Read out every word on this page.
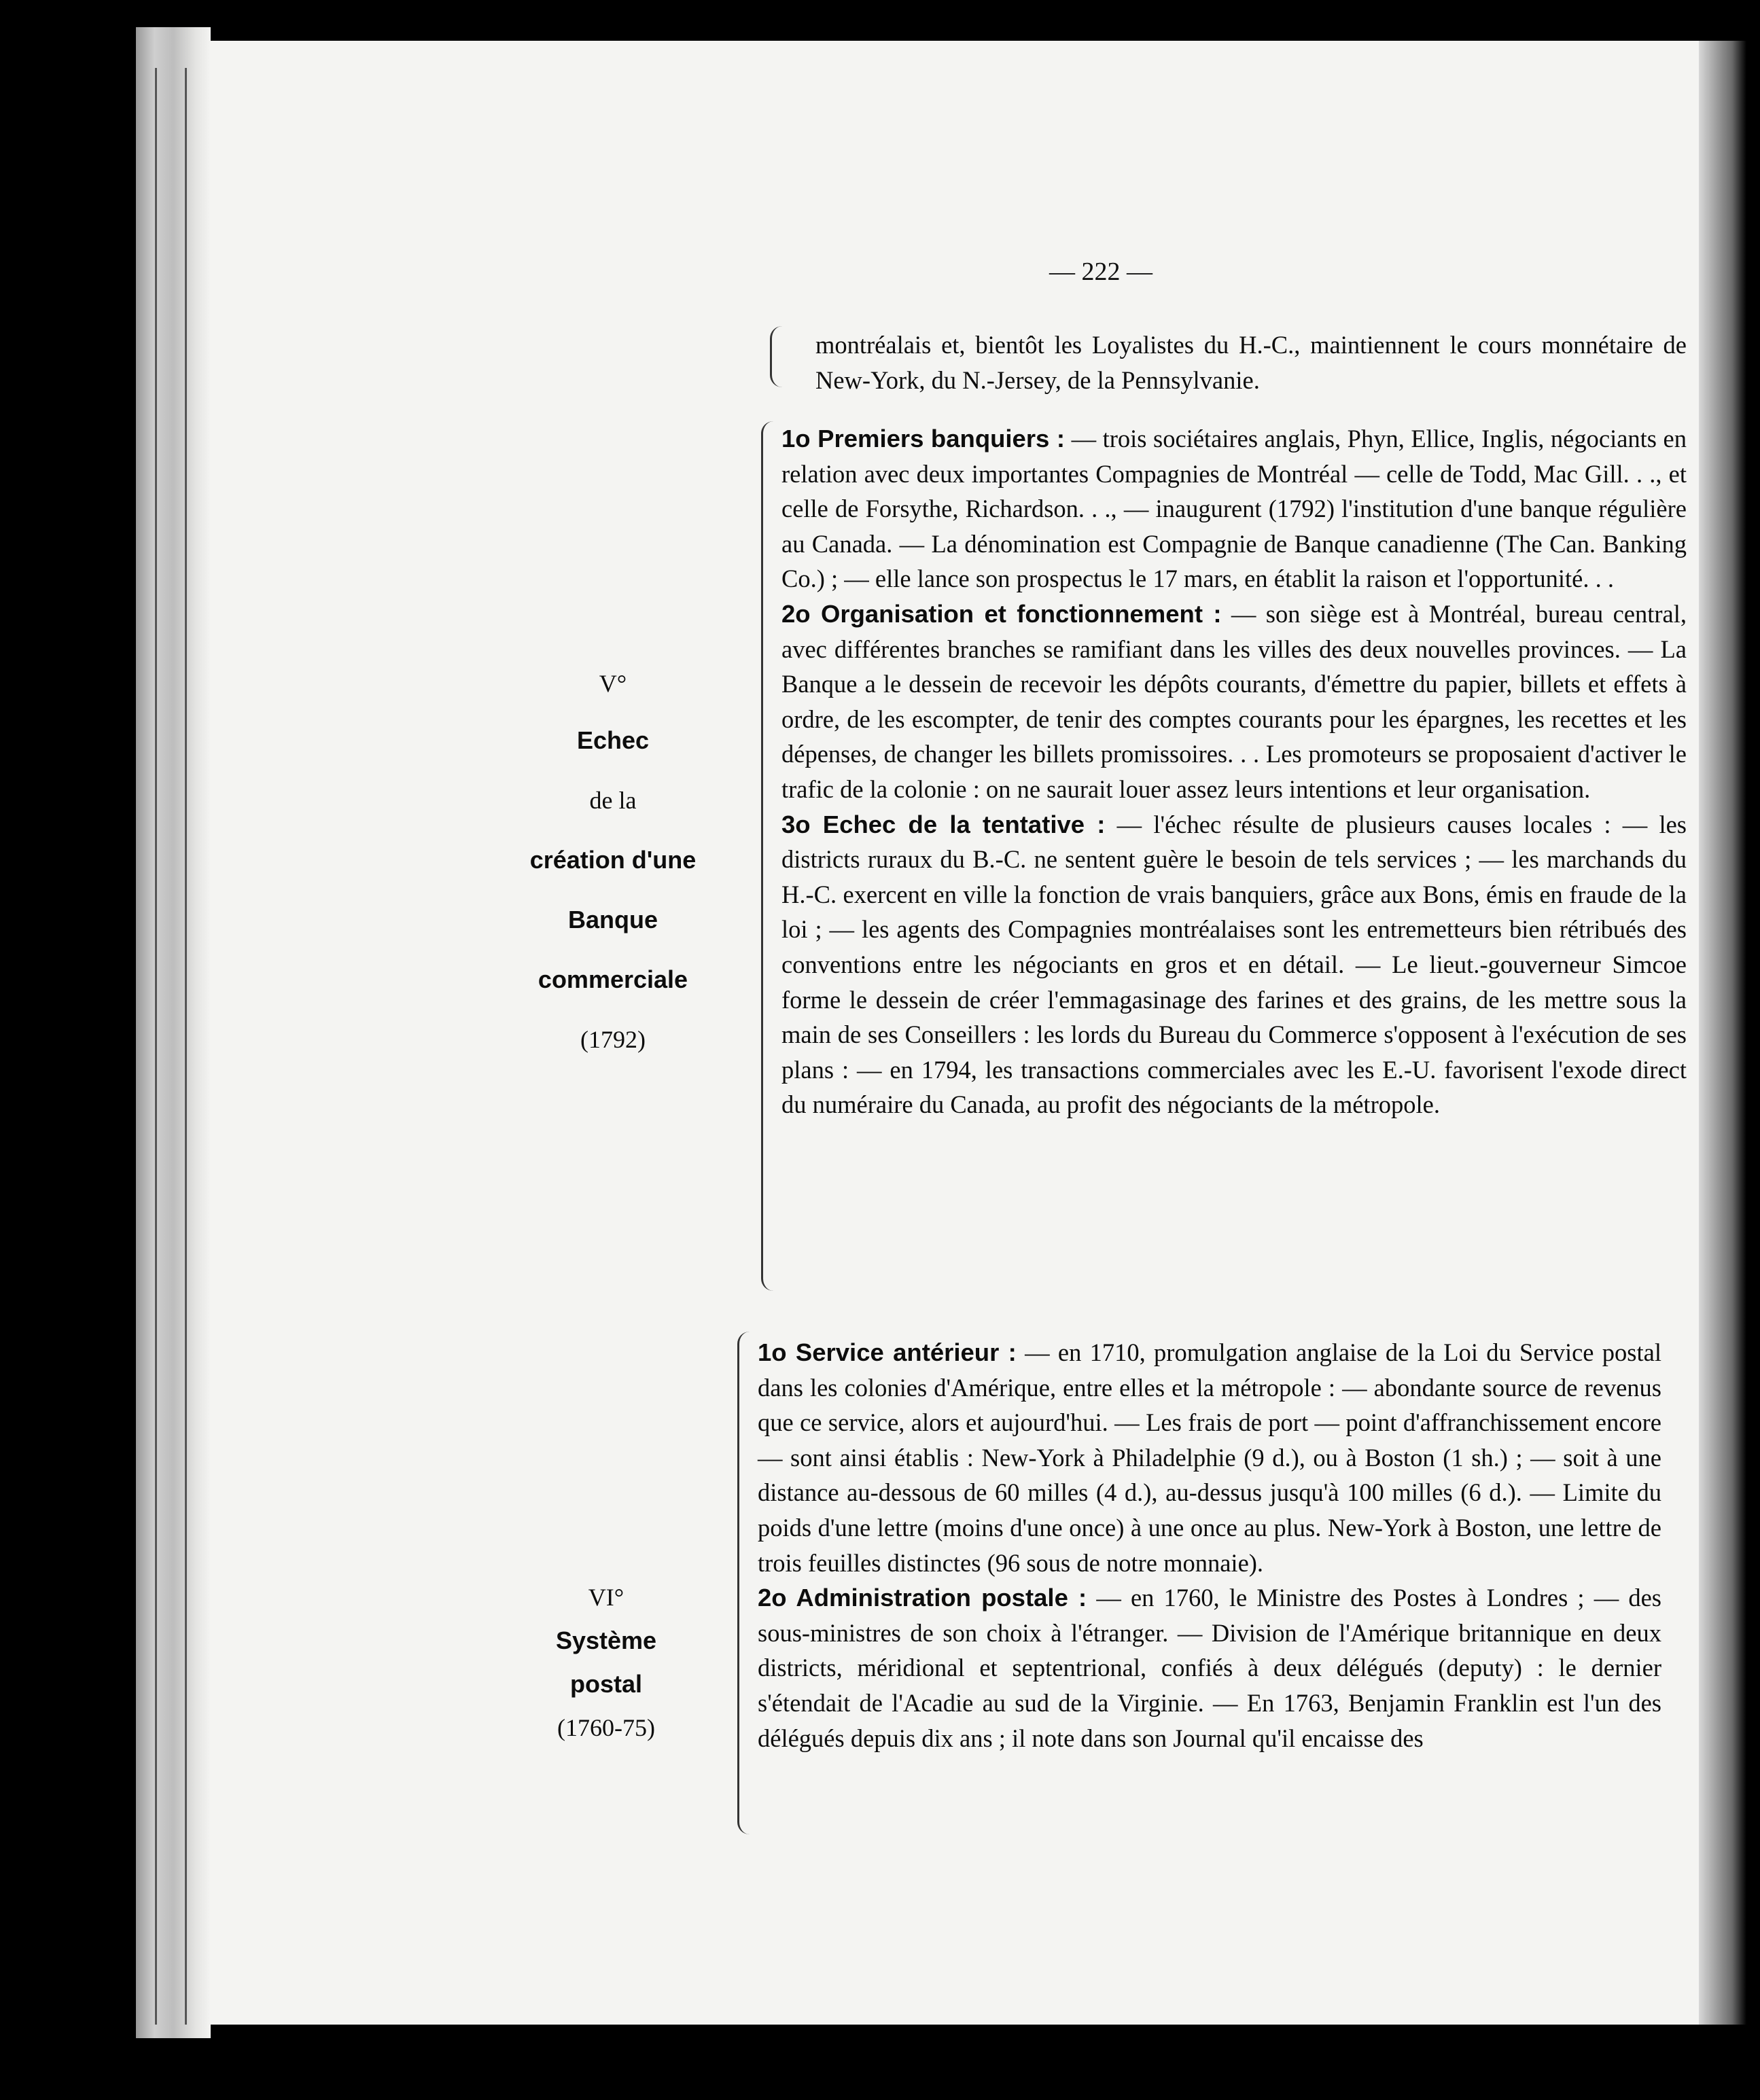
— 222 —

montréalais et, bientôt les Loyalistes du H.-C., maintiennent le cours monnétaire de New-York, du N.-Jersey, de la Pennsylvanie.

V°
Echec
de la
création d'une
Banque
commerciale
(1792)

1o Premiers banquiers : — trois sociétaires anglais, Phyn, Ellice, Inglis, négociants en relation avec deux importantes Compagnies de Montréal — celle de Todd, Mac Gill. . ., et celle de Forsythe, Richardson. . ., — inaugurent (1792) l'institution d'une banque régulière au Canada. — La dénomination est Compagnie de Banque canadienne (The Can. Banking Co.) ; — elle lance son prospectus le 17 mars, en établit la raison et l'opportunité. . .

2o Organisation et fonctionnement : — son siège est à Montréal, bureau central, avec différentes branches se ramifiant dans les villes des deux nouvelles provinces. — La Banque a le dessein de recevoir les dépôts courants, d'émettre du papier, billets et effets à ordre, de les escompter, de tenir des comptes courants pour les épargnes, les recettes et les dépenses, de changer les billets promissoires. . . Les promoteurs se proposaient d'activer le trafic de la colonie : on ne saurait louer assez leurs intentions et leur organisation.

3o Echec de la tentative : — l'échec résulte de plusieurs causes locales : — les districts ruraux du B.-C. ne sentent guère le besoin de tels services ; — les marchands du H.-C. exercent en ville la fonction de vrais banquiers, grâce aux Bons, émis en fraude de la loi ; — les agents des Compagnies montréalaises sont les entremetteurs bien rétribués des conventions entre les négociants en gros et en détail. — Le lieut.-gouverneur Simcoe forme le dessein de créer l'emmagasinage des farines et des grains, de les mettre sous la main de ses Conseillers : les lords du Bureau du Commerce s'opposent à l'exécution de ses plans : — en 1794, les transactions commerciales avec les E.-U. favorisent l'exode direct du numéraire du Canada, au profit des négociants de la métropole.

VI°
Système
postal
(1760-75)

1o Service antérieur : — en 1710, promulgation anglaise de la Loi du Service postal dans les colonies d'Amérique, entre elles et la métropole : — abondante source de revenus que ce service, alors et aujourd'hui. — Les frais de port — point d'affranchissement encore — sont ainsi établis : New-York à Philadelphie (9 d.), ou à Boston (1 sh.) ; — soit à une distance au-dessous de 60 milles (4 d.), au-dessus jusqu'à 100 milles (6 d.). — Limite du poids d'une lettre (moins d'une once) à une once au plus. New-York à Boston, une lettre de trois feuilles distinctes (96 sous de notre monnaie).

2o Administration postale : — en 1760, le Ministre des Postes à Londres ; — des sous-ministres de son choix à l'étranger. — Division de l'Amérique britannique en deux districts, méridional et septentrional, confiés à deux délégués (deputy) : le dernier s'étendait de l'Acadie au sud de la Virginie. — En 1763, Benjamin Franklin est l'un des délégués depuis dix ans ; il note dans son Journal qu'il encaisse des
